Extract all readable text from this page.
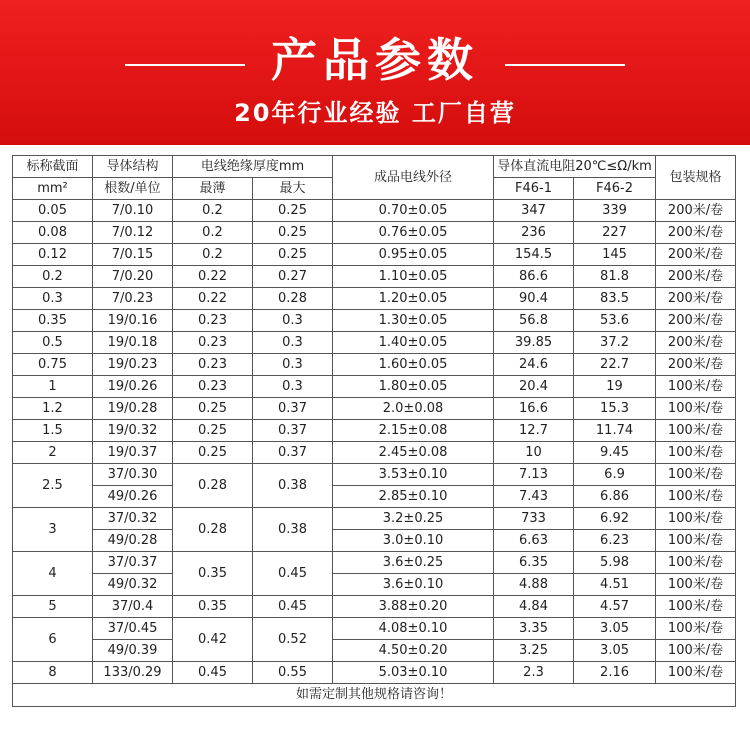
产品参数
20年行业经验 工厂自营
标称截面	导体结构	电线绝缘厚度mm		成品电线外径	导体直流电阻20℃≤Ω/km		包装规格
mm²	根数/单位	最薄	最大		F46-1	F46-2	
0.05	7/0.10	0.2	0.25	0.70±0.05	347	339	200米/卷
0.08	7/0.12	0.2	0.25	0.76±0.05	236	227	200米/卷
0.12	7/0.15	0.2	0.25	0.95±0.05	154.5	145	200米/卷
0.2	7/0.20	0.22	0.27	1.10±0.05	86.6	81.8	200米/卷
0.3	7/0.23	0.22	0.28	1.20±0.05	90.4	83.5	200米/卷
0.35	19/0.16	0.23	0.3	1.30±0.05	56.8	53.6	200米/卷
0.5	19/0.18	0.23	0.3	1.40±0.05	39.85	37.2	200米/卷
0.75	19/0.23	0.23	0.3	1.60±0.05	24.6	22.7	200米/卷
1	19/0.26	0.23	0.3	1.80±0.05	20.4	19	100米/卷
1.2	19/0.28	0.25	0.37	2.0±0.08	16.6	15.3	100米/卷
1.5	19/0.32	0.25	0.37	2.15±0.08	12.7	11.74	100米/卷
2	19/0.37	0.25	0.37	2.45±0.08	10	9.45	100米/卷
2.5	37/0.30	0.28	0.38	3.53±0.10	7.13	6.9	100米/卷
	49/0.26			2.85±0.10	7.43	6.86	100米/卷
3	37/0.32	0.28	0.38	3.2±0.25	733	6.92	100米/卷
	49/0.28			3.0±0.10	6.63	6.23	100米/卷
4	37/0.37	0.35	0.45	3.6±0.25	6.35	5.98	100米/卷
	49/0.32			3.6±0.10	4.88	4.51	100米/卷
5	37/0.4	0.35	0.45	3.88±0.20	4.84	4.57	100米/卷
6	37/0.45	0.42	0.52	4.08±0.10	3.35	3.05	100米/卷
	49/0.39			4.50±0.20	3.25	3.05	100米/卷
8	133/0.29	0.45	0.55	5.03±0.10	2.3	2.16	100米/卷
如需定制其他规格请咨询！							
